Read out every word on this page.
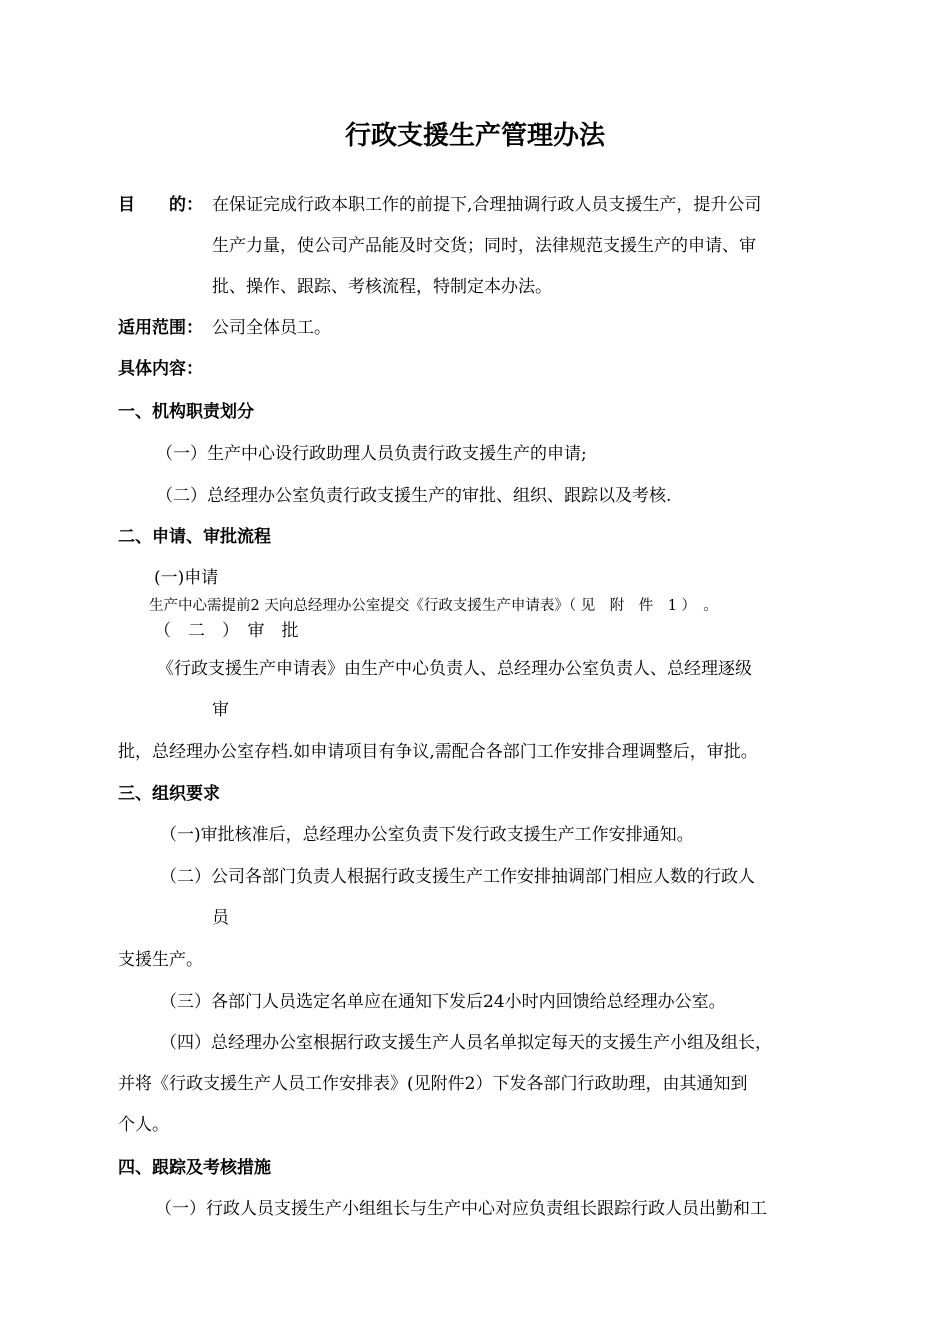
行政支援生产管理办法
目　　的： 在保证完成行政本职工作的前提下,合理抽调行政人员支援生产，提升公司
生产力量，使公司产品能及时交货；同时，法律规范支援生产的申请、审
批、操作、跟踪、考核流程，特制定本办法。
适用范围： 公司全体员工。
具体内容：
一、机构职责划分
（一）生产中心设行政助理人员负责行政支援生产的申请;
（二）总经理办公室负责行政支援生产的审批、组织、跟踪以及考核.
二、申请、审批流程
(一)申请
生产中心需提前2 天向总经理办公室提交《行政支援生产申请表》（ 见　附　件　1 ）　。
（　二　）　审　批
《行政支援生产申请表》由生产中心负责人、总经理办公室负责人、总经理逐级
审
批，总经理办公室存档.如申请项目有争议,需配合各部门工作安排合理调整后，审批。
三、组织要求
（一)审批核准后，总经理办公室负责下发行政支援生产工作安排通知。
（二）公司各部门负责人根据行政支援生产工作安排抽调部门相应人数的行政人
员
支援生产。
（三）各部门人员选定名单应在通知下发后24小时内回馈给总经理办公室。
（四）总经理办公室根据行政支援生产人员名单拟定每天的支援生产小组及组长，
并将《行政支援生产人员工作安排表》(见附件2）下发各部门行政助理，由其通知到
个人。
四、跟踪及考核措施
（一）行政人员支援生产小组组长与生产中心对应负责组长跟踪行政人员出勤和工
